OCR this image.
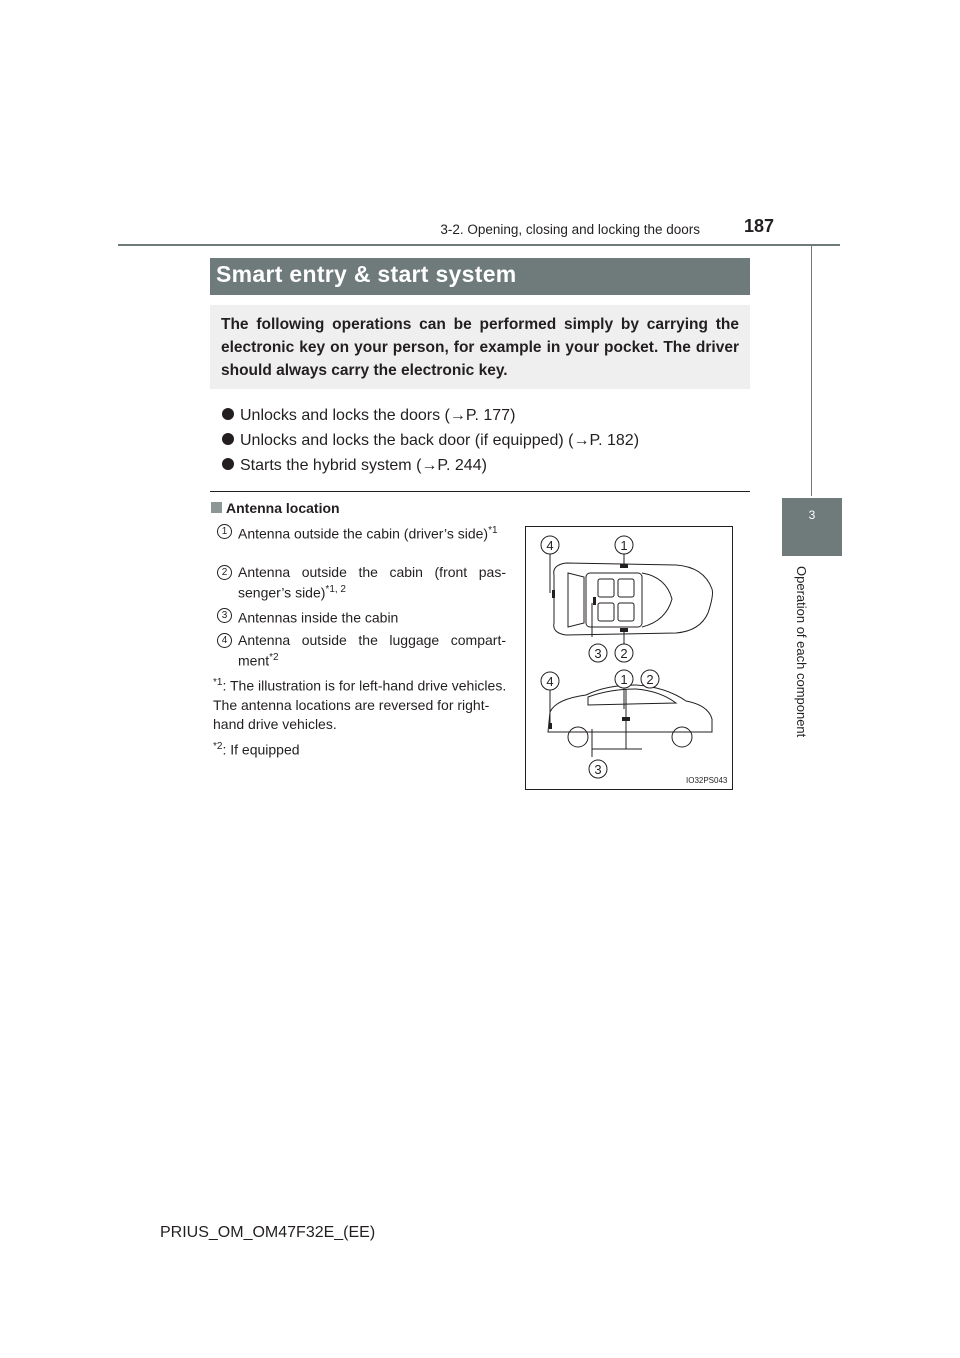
3-2. Opening, closing and locking the doors	187
3
Operation of each component
Smart entry & start system
The following operations can be performed simply by carrying the electronic key on your person, for example in your pocket. The driver should always carry the electronic key.
Unlocks and locks the doors (→P. 177)
Unlocks and locks the back door (if equipped) (→P. 182)
Starts the hybrid system (→P. 244)
Antenna location
1 Antenna outside the cabin (driver’s side)$^{*1}$
2 Antenna outside the cabin (front pas-senger’s side)$^{*1, 2}$
3 Antennas inside the cabin
4 Antenna outside the luggage compart-ment$^{*2}$
$^{*1}$: The illustration is for left-hand drive vehicles. The antenna locations are reversed for right-hand drive vehicles.
$^{*2}$: If equipped
4	1
3 2
4	1 2
3
IO32PS043
PRIUS_OM_OM47F32E_(EE)
